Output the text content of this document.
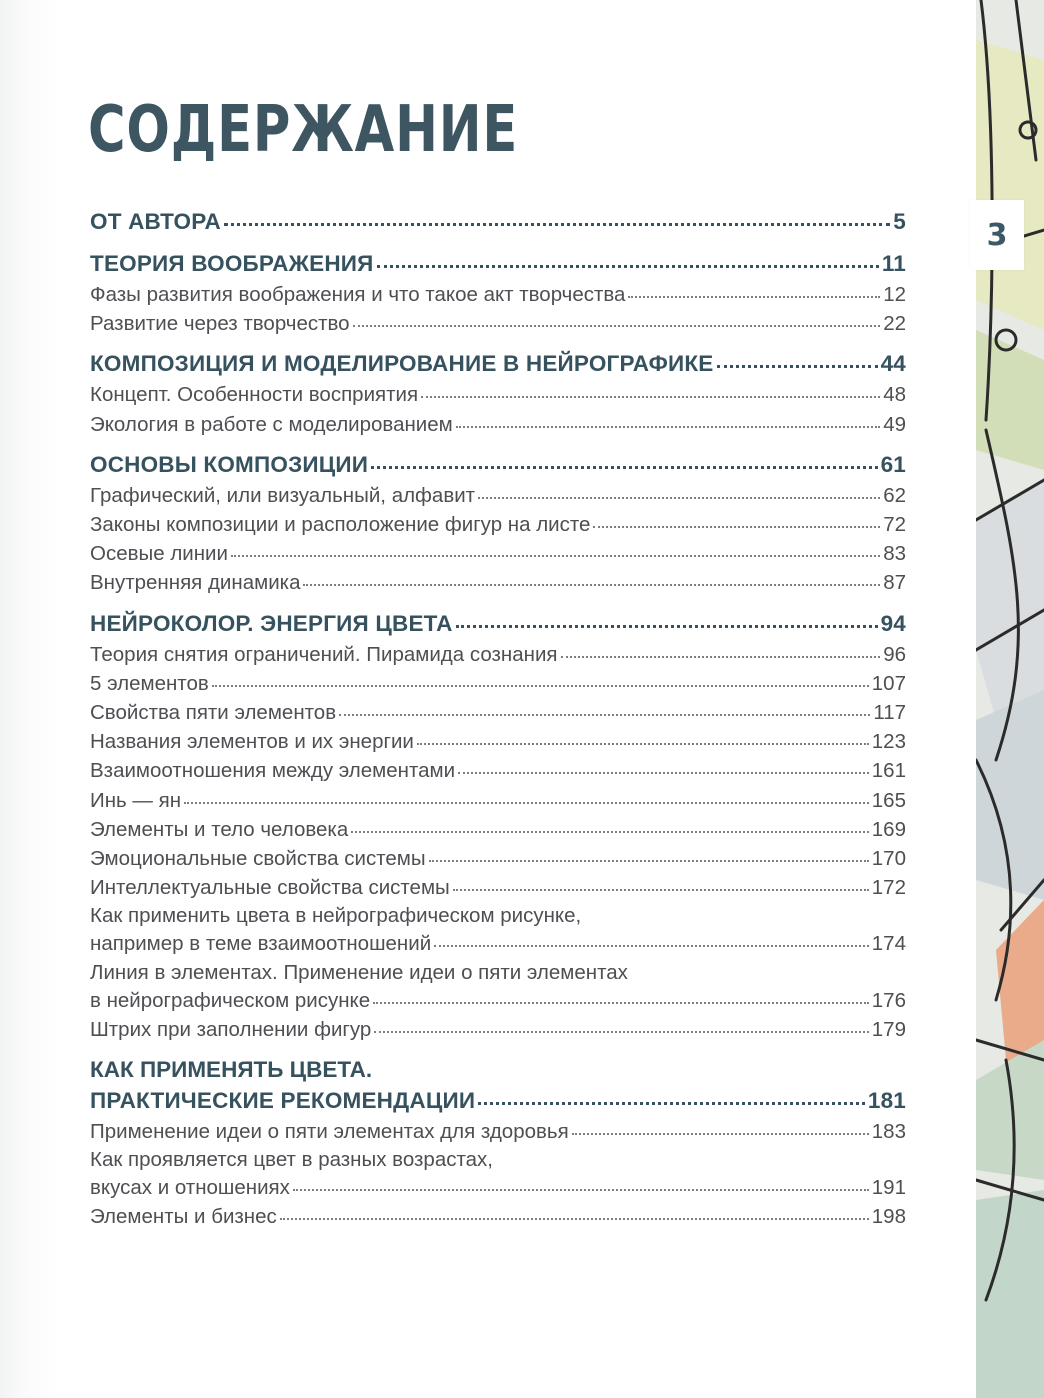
СОДЕРЖАНИЕ
ОТ АВТОРА	5
ТЕОРИЯ ВООБРАЖЕНИЯ	11
Фазы развития воображения и что такое акт творчества	12
Развитие через творчество	22
КОМПОЗИЦИЯ И МОДЕЛИРОВАНИЕ В НЕЙРОГРАФИКЕ	44
Концепт. Особенности восприятия	48
Экология в работе с моделированием	49
ОСНОВЫ КОМПОЗИЦИИ	61
Графический, или визуальный, алфавит	62
Законы композиции и расположение фигур на листе	72
Осевые линии	83
Внутренняя динамика	87
НЕЙРОКОЛОР. ЭНЕРГИЯ ЦВЕТА	94
Теория снятия ограничений. Пирамида сознания	96
5 элементов	107
Свойства пяти элементов	117
Названия элементов и их энергии	123
Взаимоотношения между элементами	161
Инь — ян	165
Элементы и тело человека	169
Эмоциональные свойства системы	170
Интеллектуальные свойства системы	172
Как применить цвета в нейрографическом рисунке,
например в теме взаимоотношений	174
Линия в элементах. Применение идеи о пяти элементах
в нейрографическом рисунке	176
Штрих при заполнении фигур	179
КАК ПРИМЕНЯТЬ ЦВЕТА.
ПРАКТИЧЕСКИЕ РЕКОМЕНДАЦИИ	181
Применение идеи о пяти элементах для здоровья	183
Как проявляется цвет в разных возрастах,
вкусах и отношениях	191
Элементы и бизнес	198
3
